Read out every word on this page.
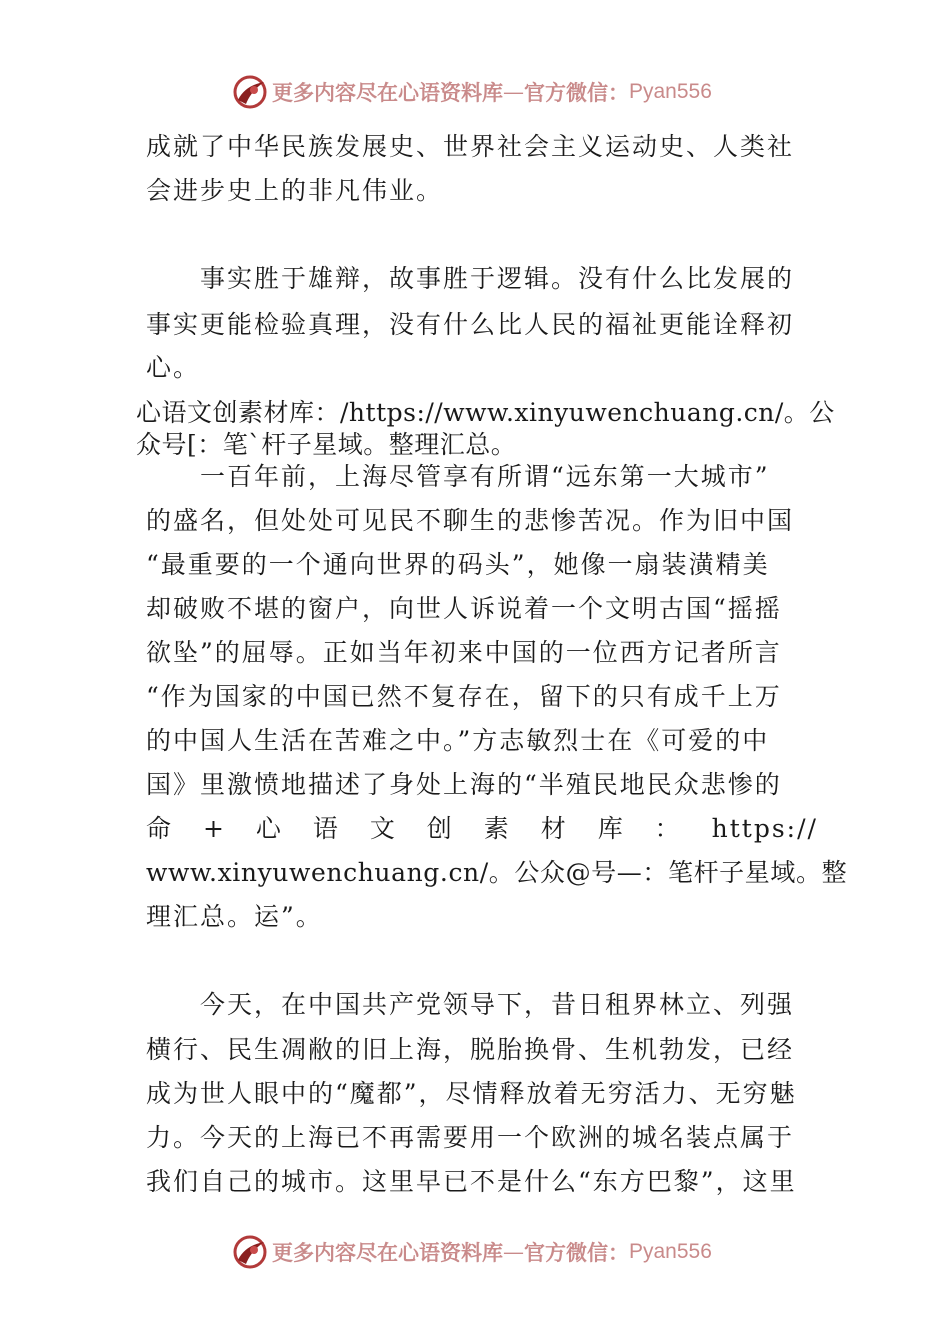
更多内容尽在心语资料库 — 官方微信： Pyan556
成就了中华民族发展史、世界社会主义运动史、人类社
会进步史上的非凡伟业。
事实胜于雄辩，故事胜于逻辑。没有什么比发展的
事实更能检验真理，没有什么比人民的福祉更能诠释初
心。
心语文创素材库：/https://www.xinyuwenchuang.cn/。公
众号[：笔`杆子星域。整理汇总。
一百年前，上海尽管享有所谓“远东第一大城市”
的盛名，但处处可见民不聊生的悲惨苦况。作为旧中国
“最重要的一个通向世界的码头”，她像一扇装潢精美
却破败不堪的窗户，向世人诉说着一个文明古国“摇摇
欲坠”的屈辱。正如当年初来中国的一位西方记者所言
“作为国家的中国已然不复存在，留下的只有成千上万
的中国人生活在苦难之中。”方志敏烈士在《可爱的中
国》里激愤地描述了身处上海的“半殖民地民众悲惨的
命 + 心 语 文 创 素 材 库 ： https://
www.xinyuwenchuang.cn/。公众@号—：笔杆子星域。整
理汇总。运”。
今天，在中国共产党领导下，昔日租界林立、列强
横行、民生凋敝的旧上海，脱胎换骨、生机勃发，已经
成为世人眼中的“魔都”，尽情释放着无穷活力、无穷魅
力。今天的上海已不再需要用一个欧洲的城名装点属于
我们自己的城市。这里早已不是什么“东方巴黎”，这里
更多内容尽在心语资料库 — 官方微信： Pyan556
